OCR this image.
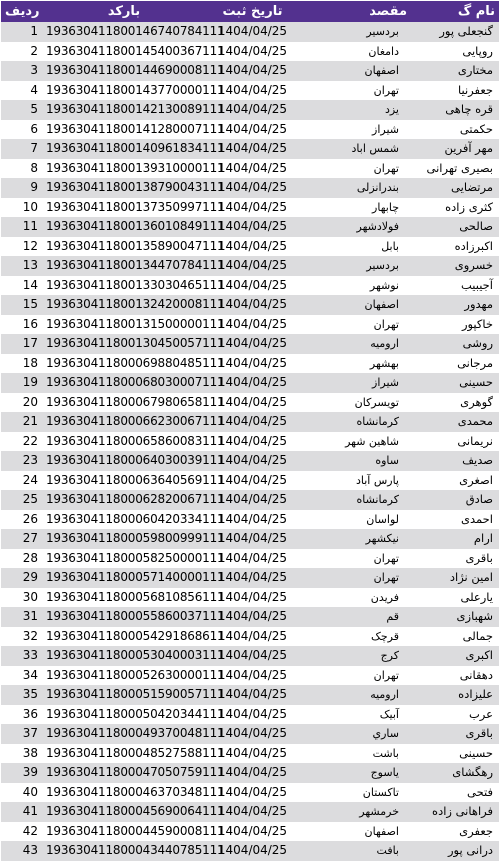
ردیف	بارکد	تاریخ ثبت	مقصد	نام گ
1	193630411800146740784111	1404/04/25	بردسير	گنجعلی پور
2	193630411800145400367111	1404/04/25	دامغان	روپایی
3	193630411800144690008111	1404/04/25	اصفهان	مختاری
4	193630411800143770000111	1404/04/25	تهران	جعفرنیا
5	193630411800142130089111	1404/04/25	یزد	قره چاهی
6	193630411800141280007111	1404/04/25	شیراز	حکمتی
7	193630411800140961834111	1404/04/25	شمس اباد	مهر آفرین
8	193630411800139310000111	1404/04/25	تهران	بصیری تهرانی
9	193630411800138790043111	1404/04/25	بندرانزلی	مرتضایی
10	193630411800137350997111	1404/04/25	چابهار	کثری زاده
11	193630411800136010849111	1404/04/25	فولادشهر	صالحی
12	193630411800135890047111	1404/04/25	بابل	اکبرزاده
13	193630411800134470784111	1404/04/25	بردسير	خسروی
14	193630411800133030465111	1404/04/25	نوشهر	آجیبیب
15	193630411800132420008111	1404/04/25	اصفهان	مهدور
16	193630411800131500000111	1404/04/25	تهران	خاکپور
17	193630411800130450057111	1404/04/25	اروميه	روشی
18	193630411800069880485111	1404/04/25	بهشهر	مرجانی
19	193630411800068030007111	1404/04/25	شیراز	حسینی
20	193630411800067980658111	1404/04/25	تویسرکان	گوهری
21	193630411800066230067111	1404/04/25	کرمانشاه	محمدی
22	193630411800065860083111	1404/04/25	شاهین شهر	نریمانی
23	193630411800064030039111	1404/04/25	ساوه	صدیف
24	193630411800063640569111	1404/04/25	پارس آباد	اصغری
25	193630411800062820067111	1404/04/25	کرمانشاه	صادق
26	193630411800060420334111	1404/04/25	لواسان	احمدی
27	193630411800059800999111	1404/04/25	نیکشهر	ارام
28	193630411800058250000111	1404/04/25	تهران	باقری
29	193630411800057140000111	1404/04/25	تهران	امین نژاد
30	193630411800056810856111	1404/04/25	فریدن	یارعلی
31	193630411800055860037111	1404/04/25	قم	شهبازی
32	193630411800054291868611	1404/04/25	قرچک	جمالی
33	193630411800053040003111	1404/04/25	کرج	اکبری
34	193630411800052630000111	1404/04/25	تهران	دهقانی
35	193630411800051590057111	1404/04/25	اروميه	علیزاده
36	193630411800050420344111	1404/04/25	آبیک	عرب
37	193630411800049370048111	1404/04/25	ساري	باقری
38	193630411800048527588111	1404/04/25	باشت	حسینی
39	193630411800047050759111	1404/04/25	یاسوج	رهگشای
40	193630411800046370348111	1404/04/25	تاکستان	فتحی
41	193630411800045690064111	1404/04/25	خرمشهر	فراهانی زاده
42	193630411800044590008111	1404/04/25	اصفهان	جعفری
43	193630411800043440785111	1404/04/25	بافت	درانی پور
